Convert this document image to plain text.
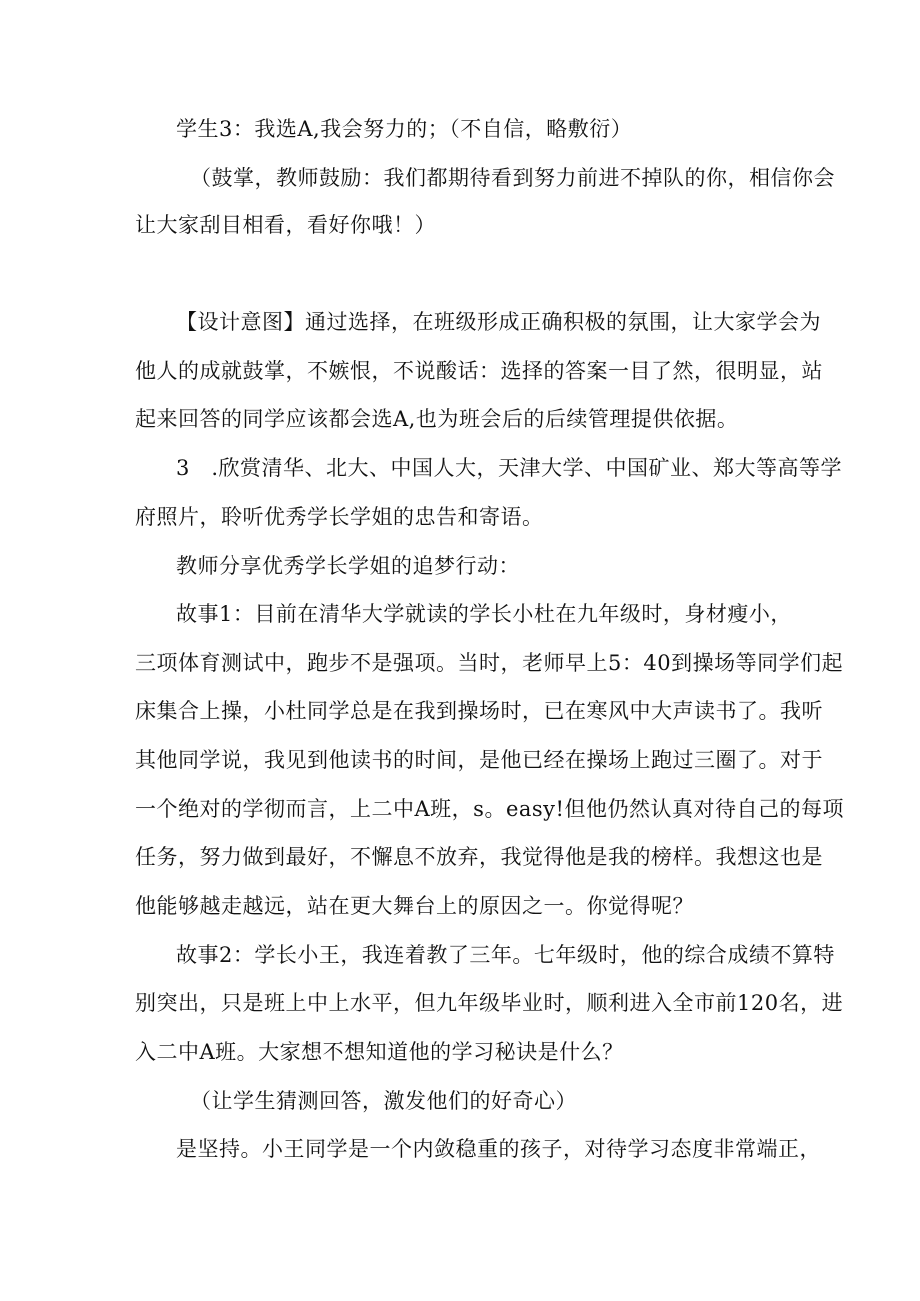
学生3：我选A,我会努力的；（不自信，略敷衍）
（鼓掌，教师鼓励：我们都期待看到努力前进不掉队的你，相信你会
让大家刮目相看，看好你哦！）
【设计意图】通过选择，在班级形成正确积极的氛围，让大家学会为
他人的成就鼓掌，不嫉恨，不说酸话：选择的答案一目了然，很明显，站
起来回答的同学应该都会选A,也为班会后的后续管理提供依据。
3　.欣赏清华、北大、中国人大，天津大学、中国矿业、郑大等高等学
府照片，聆听优秀学长学姐的忠告和寄语。
教师分享优秀学长学姐的追梦行动：
故事1：目前在清华大学就读的学长小杜在九年级时，身材瘦小，
三项体育测试中，跑步不是强项。当时，老师早上5：40到操场等同学们起
床集合上操，小杜同学总是在我到操场时，已在寒风中大声读书了。我听
其他同学说，我见到他读书的时间，是他已经在操场上跑过三圈了。对于
一个绝对的学彻而言，上二中A班，s。easy!但他仍然认真对待自己的每项
任务，努力做到最好，不懈息不放弃，我觉得他是我的榜样。我想这也是
他能够越走越远，站在更大舞台上的原因之一。你觉得呢？
故事2：学长小王，我连着教了三年。七年级时，他的综合成绩不算特
别突出，只是班上中上水平，但九年级毕业时，顺利进入全市前120名，进
入二中A班。大家想不想知道他的学习秘诀是什么？
（让学生猜测回答，激发他们的好奇心）
是坚持。小王同学是一个内敛稳重的孩子，对待学习态度非常端正，
